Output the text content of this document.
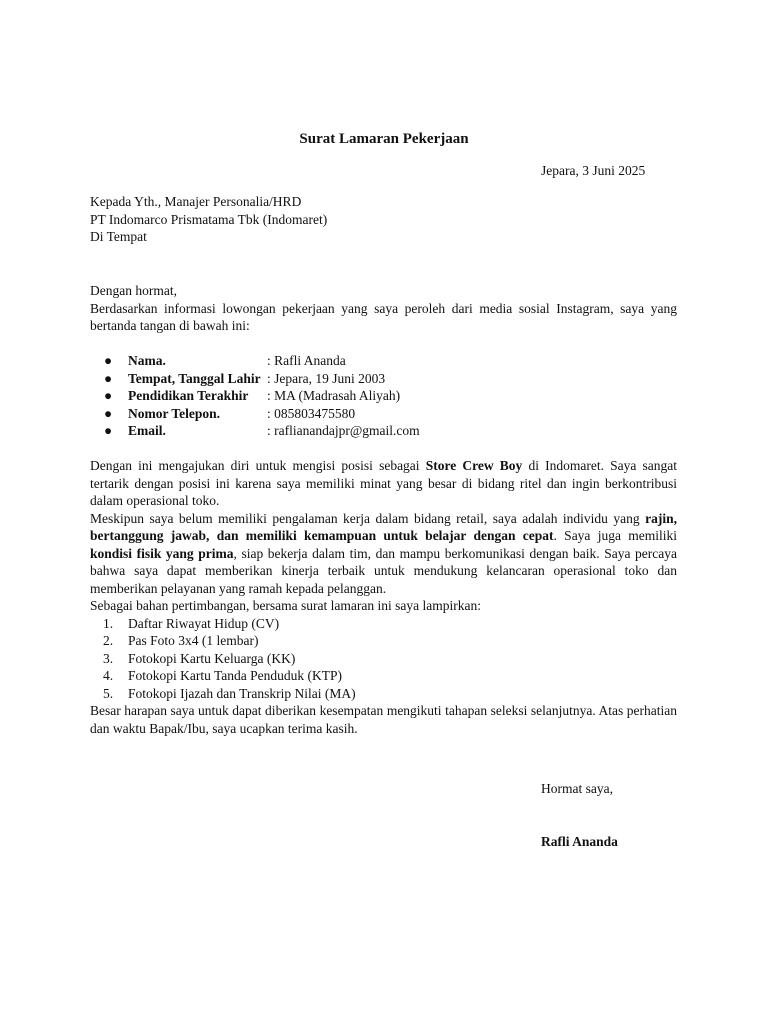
Surat Lamaran Pekerjaan
Jepara, 3 Juni 2025
Kepada Yth., Manajer Personalia/HRD
PT Indomarco Prismatama Tbk (Indomaret)
Di Tempat

Dengan hormat,

Berdasarkan informasi lowongan pekerjaan yang saya peroleh dari media sosial Instagram, saya yang bertanda tangan di bawah ini:

●	Nama.	: Rafli Ananda
●	Tempat, Tanggal Lahir : Jepara, 19 Juni 2003
●	Pendidikan Terakhir	: MA (Madrasah Aliyah)
●	Nomor Telepon.	: 085803475580
●	Email.	: raflianandajpr@gmail.com

Dengan ini mengajukan diri untuk mengisi posisi sebagai Store Crew Boy di Indomaret. Saya sangat tertarik dengan posisi ini karena saya memiliki minat yang besar di bidang ritel dan ingin berkontribusi dalam operasional toko.

Meskipun saya belum memiliki pengalaman kerja dalam bidang retail, saya adalah individu yang rajin, bertanggung jawab, dan memiliki kemampuan untuk belajar dengan cepat. Saya juga memiliki kondisi fisik yang prima, siap bekerja dalam tim, dan mampu berkomunikasi dengan baik. Saya percaya bahwa saya dapat memberikan kinerja terbaik untuk mendukung kelancaran operasional toko dan memberikan pelayanan yang ramah kepada pelanggan.

Sebagai bahan pertimbangan, bersama surat lamaran ini saya lampirkan:

1.	Daftar Riwayat Hidup (CV)
2.	Pas Foto 3x4 (1 lembar)
3.	Fotokopi Kartu Keluarga (KK)
4.	Fotokopi Kartu Tanda Penduduk (KTP)
5.	Fotokopi Ijazah dan Transkrip Nilai (MA)

Besar harapan saya untuk dapat diberikan kesempatan mengikuti tahapan seleksi selanjutnya. Atas perhatian dan waktu Bapak/Ibu, saya ucapkan terima kasih.

Hormat saya,
Rafli Ananda
